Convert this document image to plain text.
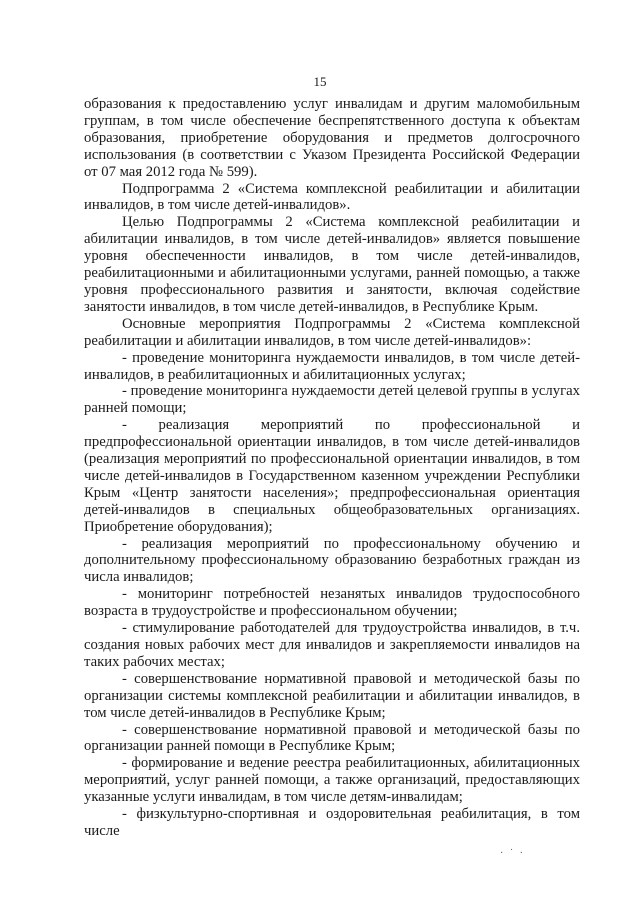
15

образования к предоставлению услуг инвалидам и другим маломобильным группам, в том числе обеспечение беспрепятственного доступа к объектам образования, приобретение оборудования и предметов долгосрочного использования (в соответствии с Указом Президента Российской Федерации от 07 мая 2012 года № 599).

Подпрограмма 2 «Система комплексной реабилитации и абилитации инвалидов, в том числе детей-инвалидов».

Целью Подпрограммы 2 «Система комплексной реабилитации и абилитации инвалидов, в том числе детей-инвалидов» является повышение уровня обеспеченности инвалидов, в том числе детей-инвалидов, реабилитационными и абилитационными услугами, ранней помощью, а также уровня профессионального развития и занятости, включая содействие занятости инвалидов, в том числе детей-инвалидов, в Республике Крым.

Основные мероприятия Подпрограммы 2 «Система комплексной реабилитации и абилитации инвалидов, в том числе детей-инвалидов»:

- проведение мониторинга нуждаемости инвалидов, в том числе детей-инвалидов, в реабилитационных и абилитационных услугах;

- проведение мониторинга нуждаемости детей целевой группы в услугах ранней помощи;

- реализация мероприятий по профессиональной и предпрофессиональной ориентации инвалидов, в том числе детей-инвалидов (реализация мероприятий по профессиональной ориентации инвалидов, в том числе детей-инвалидов в Государственном казенном учреждении Республики Крым «Центр занятости населения»; предпрофессиональная ориентация детей-инвалидов в специальных общеобразовательных организациях. Приобретение оборудования);

- реализация мероприятий по профессиональному обучению и дополнительному профессиональному образованию безработных граждан из числа инвалидов;

- мониторинг потребностей незанятых инвалидов трудоспособного возраста в трудоустройстве и профессиональном обучении;

- стимулирование работодателей для трудоустройства инвалидов, в т.ч. создания новых рабочих мест для инвалидов и закрепляемости инвалидов на таких рабочих местах;

- совершенствование нормативной правовой и методической базы по организации системы комплексной реабилитации и абилитации инвалидов, в том числе детей-инвалидов в Республике Крым;

- совершенствование нормативной правовой и методической базы по организации ранней помощи в Республике Крым;

- формирование и ведение реестра реабилитационных, абилитационных мероприятий, услуг ранней помощи, а также организаций, предоставляющих указанные услуги инвалидам, в том числе детям-инвалидам;

- физкультурно-спортивная и оздоровительная реабилитация, в том числе

· ˙ ·
